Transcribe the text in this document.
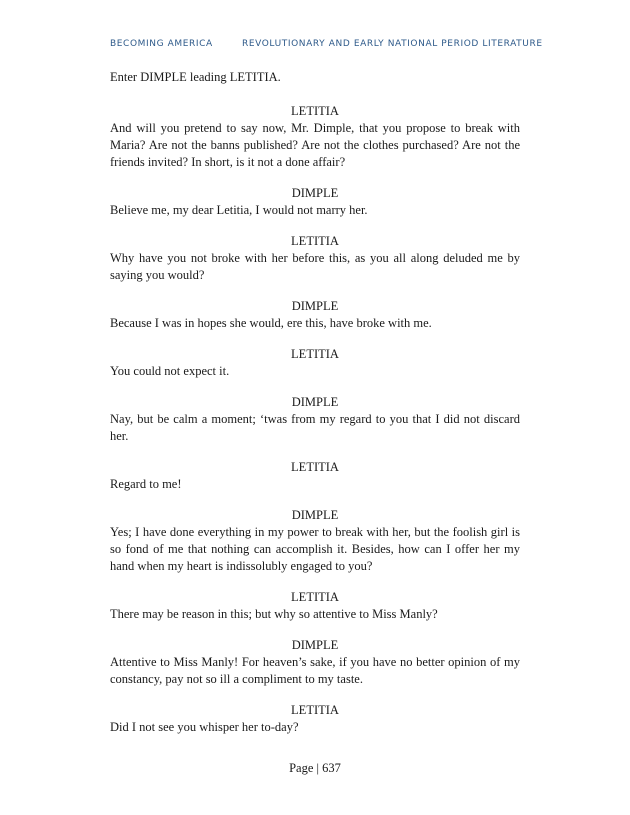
BECOMING AMERICA	REVOLUTIONARY AND EARLY NATIONAL PERIOD LITERATURE

Enter DIMPLE leading LETITIA.

LETITIA

And will you pretend to say now, Mr. Dimple, that you propose to break with Maria? Are not the banns published? Are not the clothes purchased? Are not the friends invited? In short, is it not a done affair?

DIMPLE

Believe me, my dear Letitia, I would not marry her.

LETITIA

Why have you not broke with her before this, as you all along deluded me by saying you would?

DIMPLE

Because I was in hopes she would, ere this, have broke with me.

LETITIA

You could not expect it.

DIMPLE

Nay, but be calm a moment; ‘twas from my regard to you that I did not discard her.

LETITIA

Regard to me!

DIMPLE

Yes; I have done everything in my power to break with her, but the foolish girl is so fond of me that nothing can accomplish it. Besides, how can I offer her my hand when my heart is indissolubly engaged to you?

LETITIA

There may be reason in this; but why so attentive to Miss Manly?

DIMPLE

Attentive to Miss Manly! For heaven’s sake, if you have no better opinion of my constancy, pay not so ill a compliment to my taste.

LETITIA

Did I not see you whisper her to-day?

Page | 637
